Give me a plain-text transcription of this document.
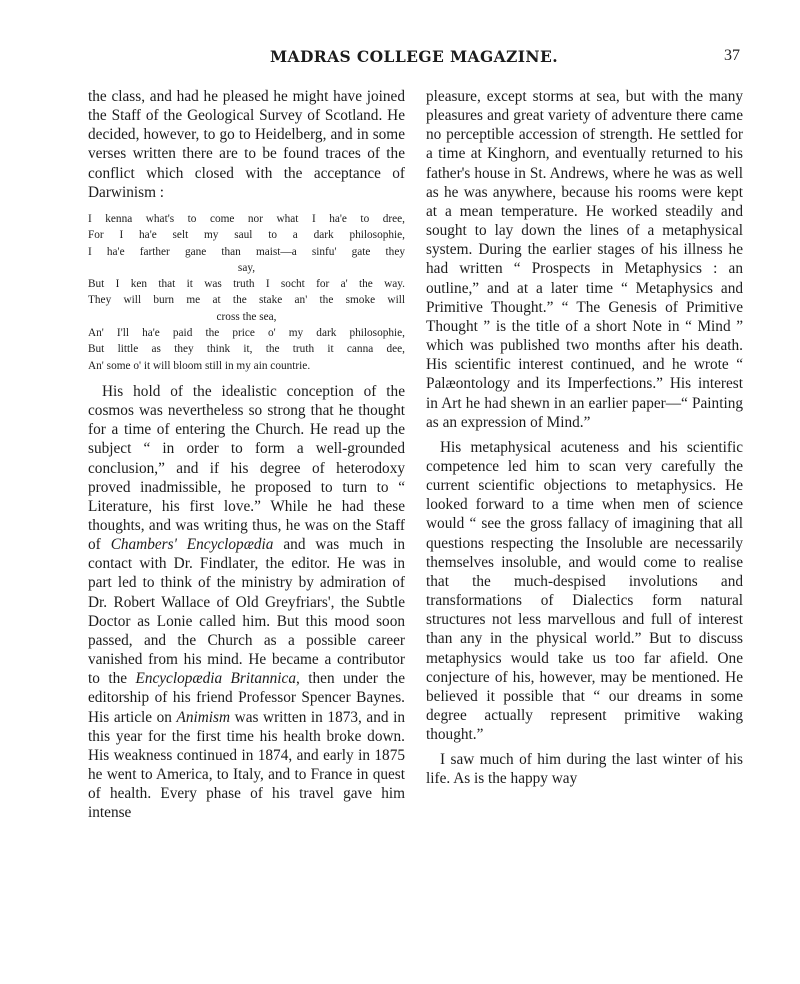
MADRAS COLLEGE MAGAZINE.	37

the class, and had he pleased he might have joined the Staff of the Geological Survey of Scotland. He decided, however, to go to Heidelberg, and in some verses written there are to be found traces of the conflict which closed with the acceptance of Darwinism :

I kenna what's to come nor what I ha'e to dree,
For I ha'e selt my saul to a dark philosophie,
I ha'e farther gane than maist—a sinfu' gate they
say,
But I ken that it was truth I socht for a' the way.
They will burn me at the stake an' the smoke will
cross the sea,
An' I'll ha'e paid the price o' my dark philosophie,
But little as they think it, the truth it canna dee,
An' some o' it will bloom still in my ain countrie.

His hold of the idealistic conception of the cosmos was nevertheless so strong that he thought for a time of entering the Church. He read up the subject “ in order to form a well-grounded conclusion,” and if his degree of heterodoxy proved inadmissible, he proposed to turn to “ Literature, his first love.” While he had these thoughts, and was writing thus, he was on the Staff of Chambers' Encyclopædia and was much in contact with Dr. Findlater, the editor. He was in part led to think of the ministry by admiration of Dr. Robert Wallace of Old Greyfriars', the Subtle Doctor as Lonie called him. But this mood soon passed, and the Church as a possible career vanished from his mind. He became a contributor to the Encyclopædia Britannica, then under the editorship of his friend Professor Spencer Baynes. His article on Animism was written in 1873, and in this year for the first time his health broke down. His weakness continued in 1874, and early in 1875 he went to America, to Italy, and to France in quest of health. Every phase of his travel gave him intense

pleasure, except storms at sea, but with the many pleasures and great variety of adventure there came no perceptible accession of strength. He settled for a time at Kinghorn, and eventually returned to his father's house in St. Andrews, where he was as well as he was anywhere, because his rooms were kept at a mean temperature. He worked steadily and sought to lay down the lines of a metaphysical system. During the earlier stages of his illness he had written “ Prospects in Metaphysics : an outline,” and at a later time “ Metaphysics and Primitive Thought.” “ The Genesis of Primitive Thought ” is the title of a short Note in “ Mind ” which was published two months after his death. His scientific interest continued, and he wrote “ Palæontology and its Imperfections.” His interest in Art he had shewn in an earlier paper—“ Painting as an expression of Mind.”

His metaphysical acuteness and his scientific competence led him to scan very carefully the current scientific objections to metaphysics. He looked forward to a time when men of science would “ see the gross fallacy of imagining that all questions respecting the Insoluble are necessarily themselves insoluble, and would come to realise that the much-despised involutions and transformations of Dialectics form natural structures not less marvellous and full of interest than any in the physical world.” But to discuss metaphysics would take us too far afield. One conjecture of his, however, may be mentioned. He believed it possible that “ our dreams in some degree actually represent primitive waking thought.”

I saw much of him during the last winter of his life. As is the happy way
